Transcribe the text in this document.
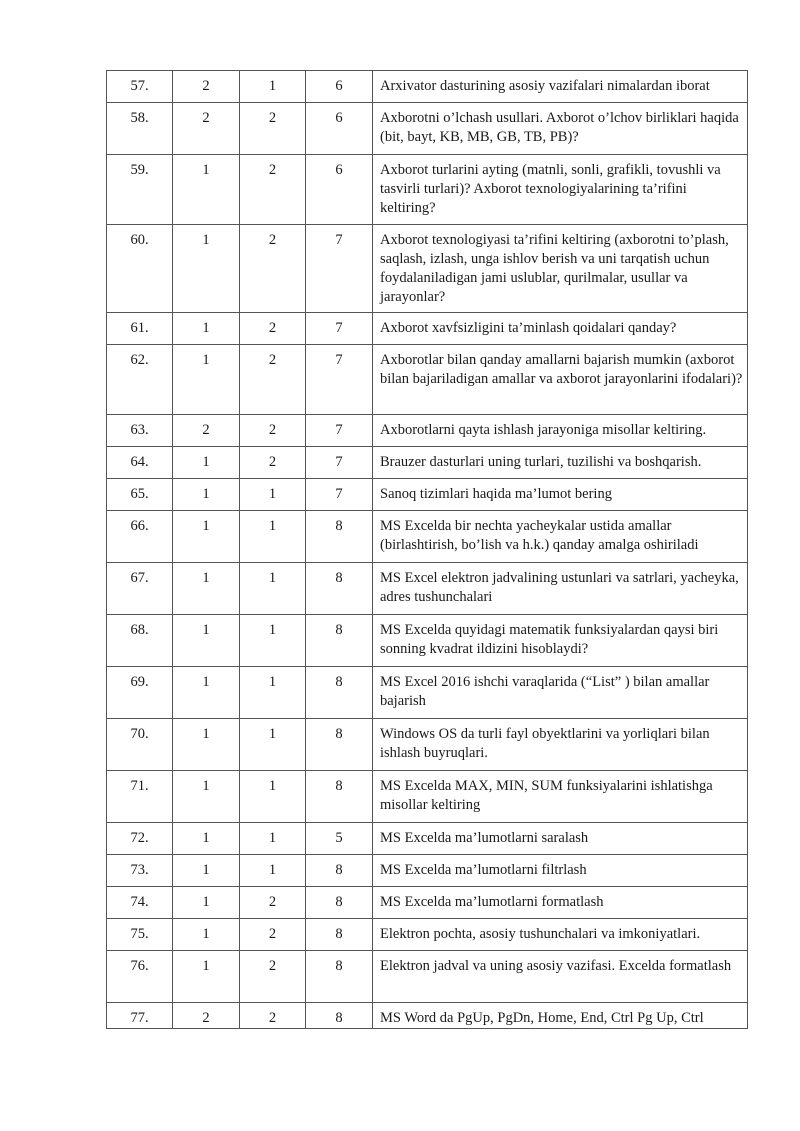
57.	2	1	6	Arxivator dasturining asosiy vazifalari nimalardan iborat
58.	2	2	6	Axborotni o’lchash usullari. Axborot o’lchov birliklari haqida (bit, bayt, KB, MB, GB, TB, PB)?
59.	1	2	6	Axborot turlarini ayting (matnli, sonli, grafikli, tovushli va tasvirli turlari)? Axborot texnologiyalarining ta’rifini keltiring?
60.	1	2	7	Axborot texnologiyasi ta’rifini keltiring (axborotni to’plash, saqlash, izlash, unga ishlov berish va uni tarqatish uchun foydalaniladigan jami uslublar, qurilmalar, usullar va jarayonlar?
61.	1	2	7	Axborot xavfsizligini ta’minlash qoidalari qanday?
62.	1	2	7	Axborotlar bilan qanday amallarni bajarish mumkin (axborot bilan bajariladigan amallar va axborot jarayonlarini ifodalari)?
63.	2	2	7	Axborotlarni qayta ishlash jarayoniga misollar keltiring.
64.	1	2	7	Brauzer dasturlari uning turlari, tuzilishi va boshqarish.
65.	1	1	7	Sanoq tizimlari haqida ma’lumot bering
66.	1	1	8	MS Excelda bir nechta yacheykalar ustida amallar (birlashtirish, bo’lish va h.k.) qanday amalga oshiriladi
67.	1	1	8	MS Excel elektron jadvalining ustunlari va satrlari, yacheyka, adres tushunchalari
68.	1	1	8	MS Excelda quyidagi matematik funksiyalardan qaysi biri sonning kvadrat ildizini hisoblaydi?
69.	1	1	8	MS Excel 2016 ishchi varaqlarida (“List” ) bilan amallar bajarish
70.	1	1	8	Windows OS da turli fayl obyektlarini va yorliqlari bilan ishlash buyruqlari.
71.	1	1	8	MS Excelda MAX, MIN, SUM funksiyalarini ishlatishga misollar keltiring
72.	1	1	5	MS Excelda ma’lumotlarni saralash
73.	1	1	8	MS Excelda ma’lumotlarni filtrlash
74.	1	2	8	MS Excelda ma’lumotlarni formatlash
75.	1	2	8	Elektron pochta, asosiy tushunchalari va imkoniyatlari.
76.	1	2	8	Elektron jadval va uning asosiy vazifasi. Excelda formatlash
77.	2	2	8	MS Word da PgUp, PgDn, Home, End, Ctrl Pg Up, Ctrl
